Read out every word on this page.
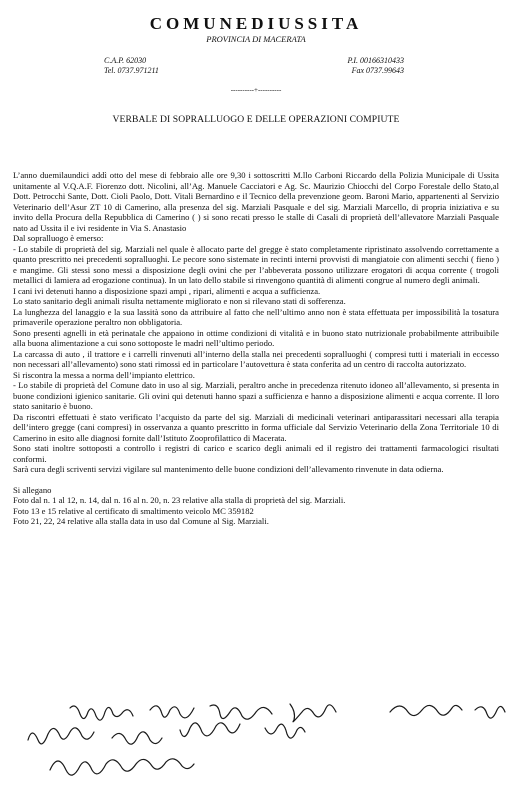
COMUNEDIUSSITA
PROVINCIA DI MACERATA
C.A.P. 62030
Tel. 0737.971211
P.I. 00166310433
Fax 0737.99643
----------+----------
VERBALE DI SOPRALLUOGO E DELLE OPERAZIONI COMPIUTE

L’anno duemilaundici addì otto del mese di febbraio alle ore 9,30 i sottoscritti M.llo Carboni Riccardo della Polizia Municipale di Ussita unitamente al V.Q.A.F. Fiorenzo dott. Nicolini, all’Ag. Manuele Cacciatori e Ag. Sc. Maurizio Chiocchi del Corpo Forestale dello Stato,al Dott. Petrocchi Sante, Dott. Cioli Paolo, Dott. Vitali Bernardino e il Tecnico della prevenzione geom. Baroni Mario, appartenenti al Servizio Veterinario dell’Asur ZT 10 di Camerino, alla presenza del sig. Marziali Pasquale e del sig. Marziali Marcello, di propria iniziativa e su invito della Procura della Repubblica di Camerino ( ) si sono recati presso le stalle di Casali di proprietà dell’allevatore Marziali Pasquale nato ad Ussita il e ivi residente in Via S. Anastasio

Dal sopralluogo è emerso:

- Lo stabile di proprietà del sig. Marziali nel quale è allocato parte del gregge è stato completamente ripristinato assolvendo correttamente a quanto prescritto nei precedenti sopralluoghi. Le pecore sono sistemate in recinti interni provvisti di mangiatoie con alimenti secchi ( fieno ) e mangime. Gli stessi sono messi a disposizione degli ovini che per l’abbeverata possono utilizzare erogatori di acqua corrente ( trogoli metallici di lamiera ad erogazione continua). In un lato dello stabile si rinvengono quantità di alimenti congrue al numero degli animali.

I cani ivi detenuti hanno a disposizione spazi ampi , ripari, alimenti e acqua a sufficienza.

Lo stato sanitario degli animali risulta nettamente migliorato e non si rilevano stati di sofferenza.

La lunghezza del lanaggio e la sua lassità sono da attribuire al fatto che nell’ultimo anno non è stata effettuata per impossibilità la tosatura primaverile operazione peraltro non obbligatoria.

Sono presenti agnelli in età perinatale che appaiono in ottime condizioni di vitalità e in buono stato nutrizionale probabilmente attribuibile alla buona alimentazione a cui sono sottoposte le madri nell’ultimo periodo.

La carcassa di auto , il trattore e i carrelli rinvenuti all’interno della stalla nei precedenti sopralluoghi ( compresi tutti i materiali in eccesso non necessari all’allevamento) sono stati rimossi ed in particolare l’autovettura è stata conferita ad un centro di raccolta autorizzato.

Si riscontra la messa a norma dell’impianto elettrico.

- Lo stabile di proprietà del Comune dato in uso al sig. Marziali, peraltro anche in precedenza ritenuto idoneo all’allevamento, si presenta in buone condizioni igienico sanitarie. Gli ovini qui detenuti hanno spazi a sufficienza e hanno a disposizione alimenti e acqua corrente. Il loro stato sanitario è buono.

Da riscontri effettuati è stato verificato l’acquisto da parte del sig. Marziali di medicinali veterinari antiparassitari necessari alla terapia dell’intero gregge (cani compresi) in osservanza a quanto prescritto in forma ufficiale dal Servizio Veterinario della Zona Territoriale 10 di Camerino in esito alle diagnosi fornite dall’Istituto Zooprofilattico di Macerata.

Sono stati inoltre sottoposti a controllo i registri di carico e scarico degli animali ed il registro dei trattamenti farmacologici risultati conformi.

Sarà cura degli scriventi servizi vigilare sul mantenimento delle buone condizioni dell’allevamento rinvenute in data odierna.

Si allegano

Foto dal n. 1 al 12, n. 14, dal n. 16 al n. 20, n. 23 relative alla stalla di proprietà del sig. Marziali.

Foto 13 e 15 relative al certificato di smaltimento veicolo MC 359182

Foto 21, 22, 24 relative alla stalla data in uso dal Comune al Sig. Marziali.
